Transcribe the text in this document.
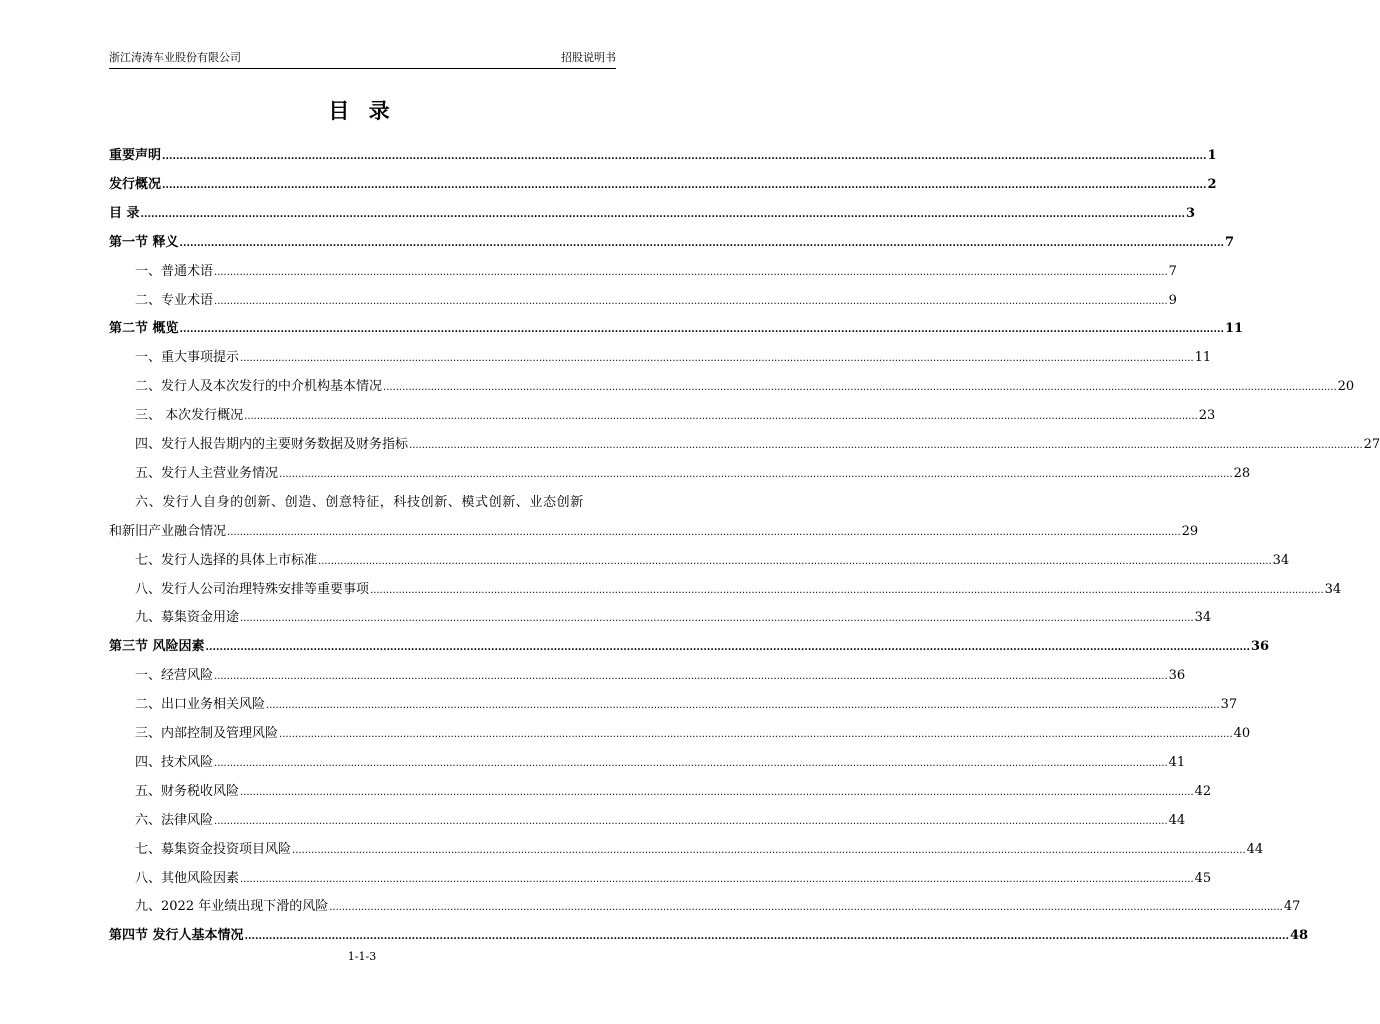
浙江涛涛车业股份有限公司	招股说明书
目 录
重要声明 ............................................................................................................................................................................................................................................................................................................ 1
发行概况 ............................................................................................................................................................................................................................................................................................................ 2
目 录 ............................................................................................................................................................................................................................................................................................................ 3
第一节 释义 ............................................................................................................................................................................................................................................................................................................ 7
一、普通术语 ............................................................................................................................................................................................................................................................................................................ 7
二、专业术语 ............................................................................................................................................................................................................................................................................................................ 9
第二节 概览 ............................................................................................................................................................................................................................................................................................................ 11
一、重大事项提示 ............................................................................................................................................................................................................................................................................................................ 11
二、发行人及本次发行的中介机构基本情况 ............................................................................................................................................................................................................................................................................................................ 20
三、 本次发行概况 ............................................................................................................................................................................................................................................................................................................ 23
四、发行人报告期内的主要财务数据及财务指标 ............................................................................................................................................................................................................................................................................................................ 27
五、发行人主营业务情况 ............................................................................................................................................................................................................................................................................................................ 28
六、发行人自身的创新、创造、创意特征，科技创新、模式创新、业态创新
和新旧产业融合情况 ............................................................................................................................................................................................................................................................................................................ 29
七、发行人选择的具体上市标准 ............................................................................................................................................................................................................................................................................................................ 34
八、发行人公司治理特殊安排等重要事项 ............................................................................................................................................................................................................................................................................................................ 34
九、募集资金用途 ............................................................................................................................................................................................................................................................................................................ 34
第三节 风险因素 ............................................................................................................................................................................................................................................................................................................ 36
一、经营风险 ............................................................................................................................................................................................................................................................................................................ 36
二、出口业务相关风险 ............................................................................................................................................................................................................................................................................................................ 37
三、内部控制及管理风险 ............................................................................................................................................................................................................................................................................................................ 40
四、技术风险 ............................................................................................................................................................................................................................................................................................................ 41
五、财务税收风险 ............................................................................................................................................................................................................................................................................................................ 42
六、法律风险 ............................................................................................................................................................................................................................................................................................................ 44
七、募集资金投资项目风险 ............................................................................................................................................................................................................................................................................................................ 44
八、其他风险因素 ............................................................................................................................................................................................................................................................................................................ 45
九、2022 年业绩出现下滑的风险 ............................................................................................................................................................................................................................................................................................................ 47
第四节 发行人基本情况 ............................................................................................................................................................................................................................................................................................................ 48
1-1-3
